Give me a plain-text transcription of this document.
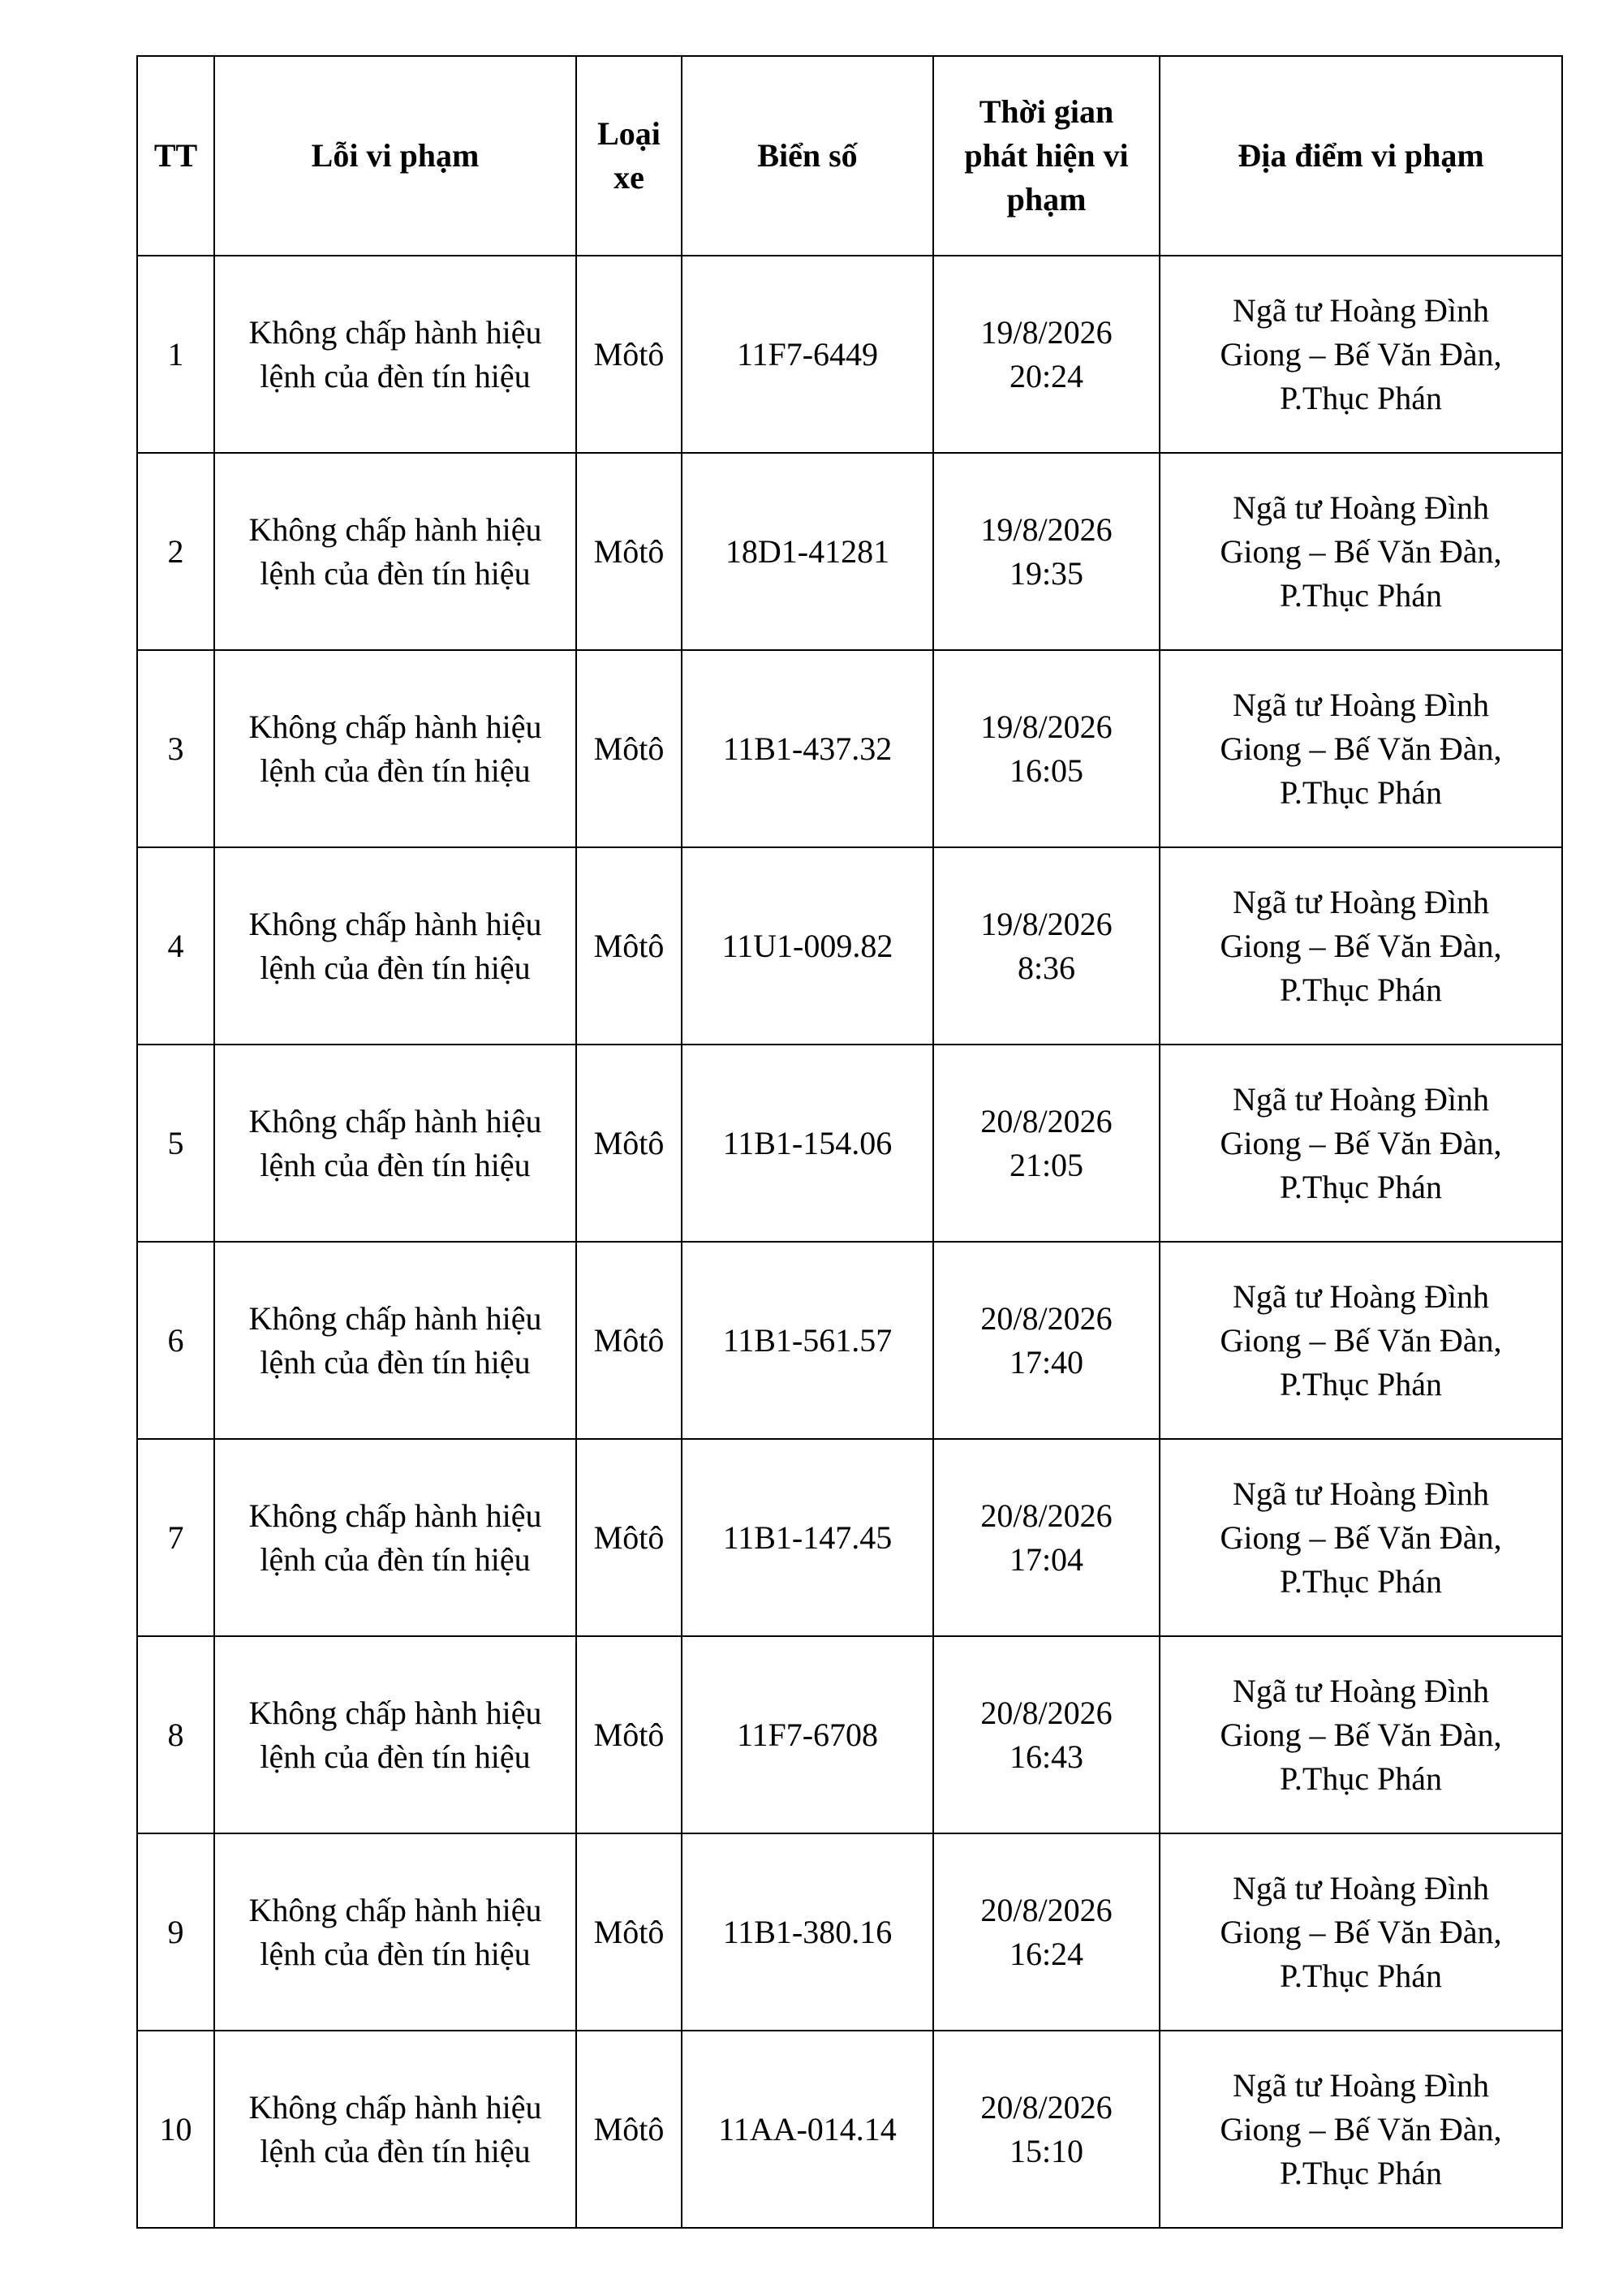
TT	Lỗi vi phạm	Loại
xe	Biển số	Thời gian
phát hiện vi
phạm	Địa điểm vi phạm

1	Không chấp hành hiệu
lệnh của đèn tín hiệu	Môtô	11F7-6449	19/8/2026
20:24	Ngã tư Hoàng Đình
Giong – Bế Văn Đàn,
P.Thục Phán

2	Không chấp hành hiệu
lệnh của đèn tín hiệu	Môtô	18D1-41281	19/8/2026
19:35	Ngã tư Hoàng Đình
Giong – Bế Văn Đàn,
P.Thục Phán

3	Không chấp hành hiệu
lệnh của đèn tín hiệu	Môtô	11B1-437.32	19/8/2026
16:05	Ngã tư Hoàng Đình
Giong – Bế Văn Đàn,
P.Thục Phán

4	Không chấp hành hiệu
lệnh của đèn tín hiệu	Môtô	11U1-009.82	19/8/2026
8:36	Ngã tư Hoàng Đình
Giong – Bế Văn Đàn,
P.Thục Phán

5	Không chấp hành hiệu
lệnh của đèn tín hiệu	Môtô	11B1-154.06	20/8/2026
21:05	Ngã tư Hoàng Đình
Giong – Bế Văn Đàn,
P.Thục Phán

6	Không chấp hành hiệu
lệnh của đèn tín hiệu	Môtô	11B1-561.57	20/8/2026
17:40	Ngã tư Hoàng Đình
Giong – Bế Văn Đàn,
P.Thục Phán

7	Không chấp hành hiệu
lệnh của đèn tín hiệu	Môtô	11B1-147.45	20/8/2026
17:04	Ngã tư Hoàng Đình
Giong – Bế Văn Đàn,
P.Thục Phán

8	Không chấp hành hiệu
lệnh của đèn tín hiệu	Môtô	11F7-6708	20/8/2026
16:43	Ngã tư Hoàng Đình
Giong – Bế Văn Đàn,
P.Thục Phán

9	Không chấp hành hiệu
lệnh của đèn tín hiệu	Môtô	11B1-380.16	20/8/2026
16:24	Ngã tư Hoàng Đình
Giong – Bế Văn Đàn,
P.Thục Phán

10	Không chấp hành hiệu
lệnh của đèn tín hiệu	Môtô	11AA-014.14	20/8/2026
15:10	Ngã tư Hoàng Đình
Giong – Bế Văn Đàn,
P.Thục Phán
